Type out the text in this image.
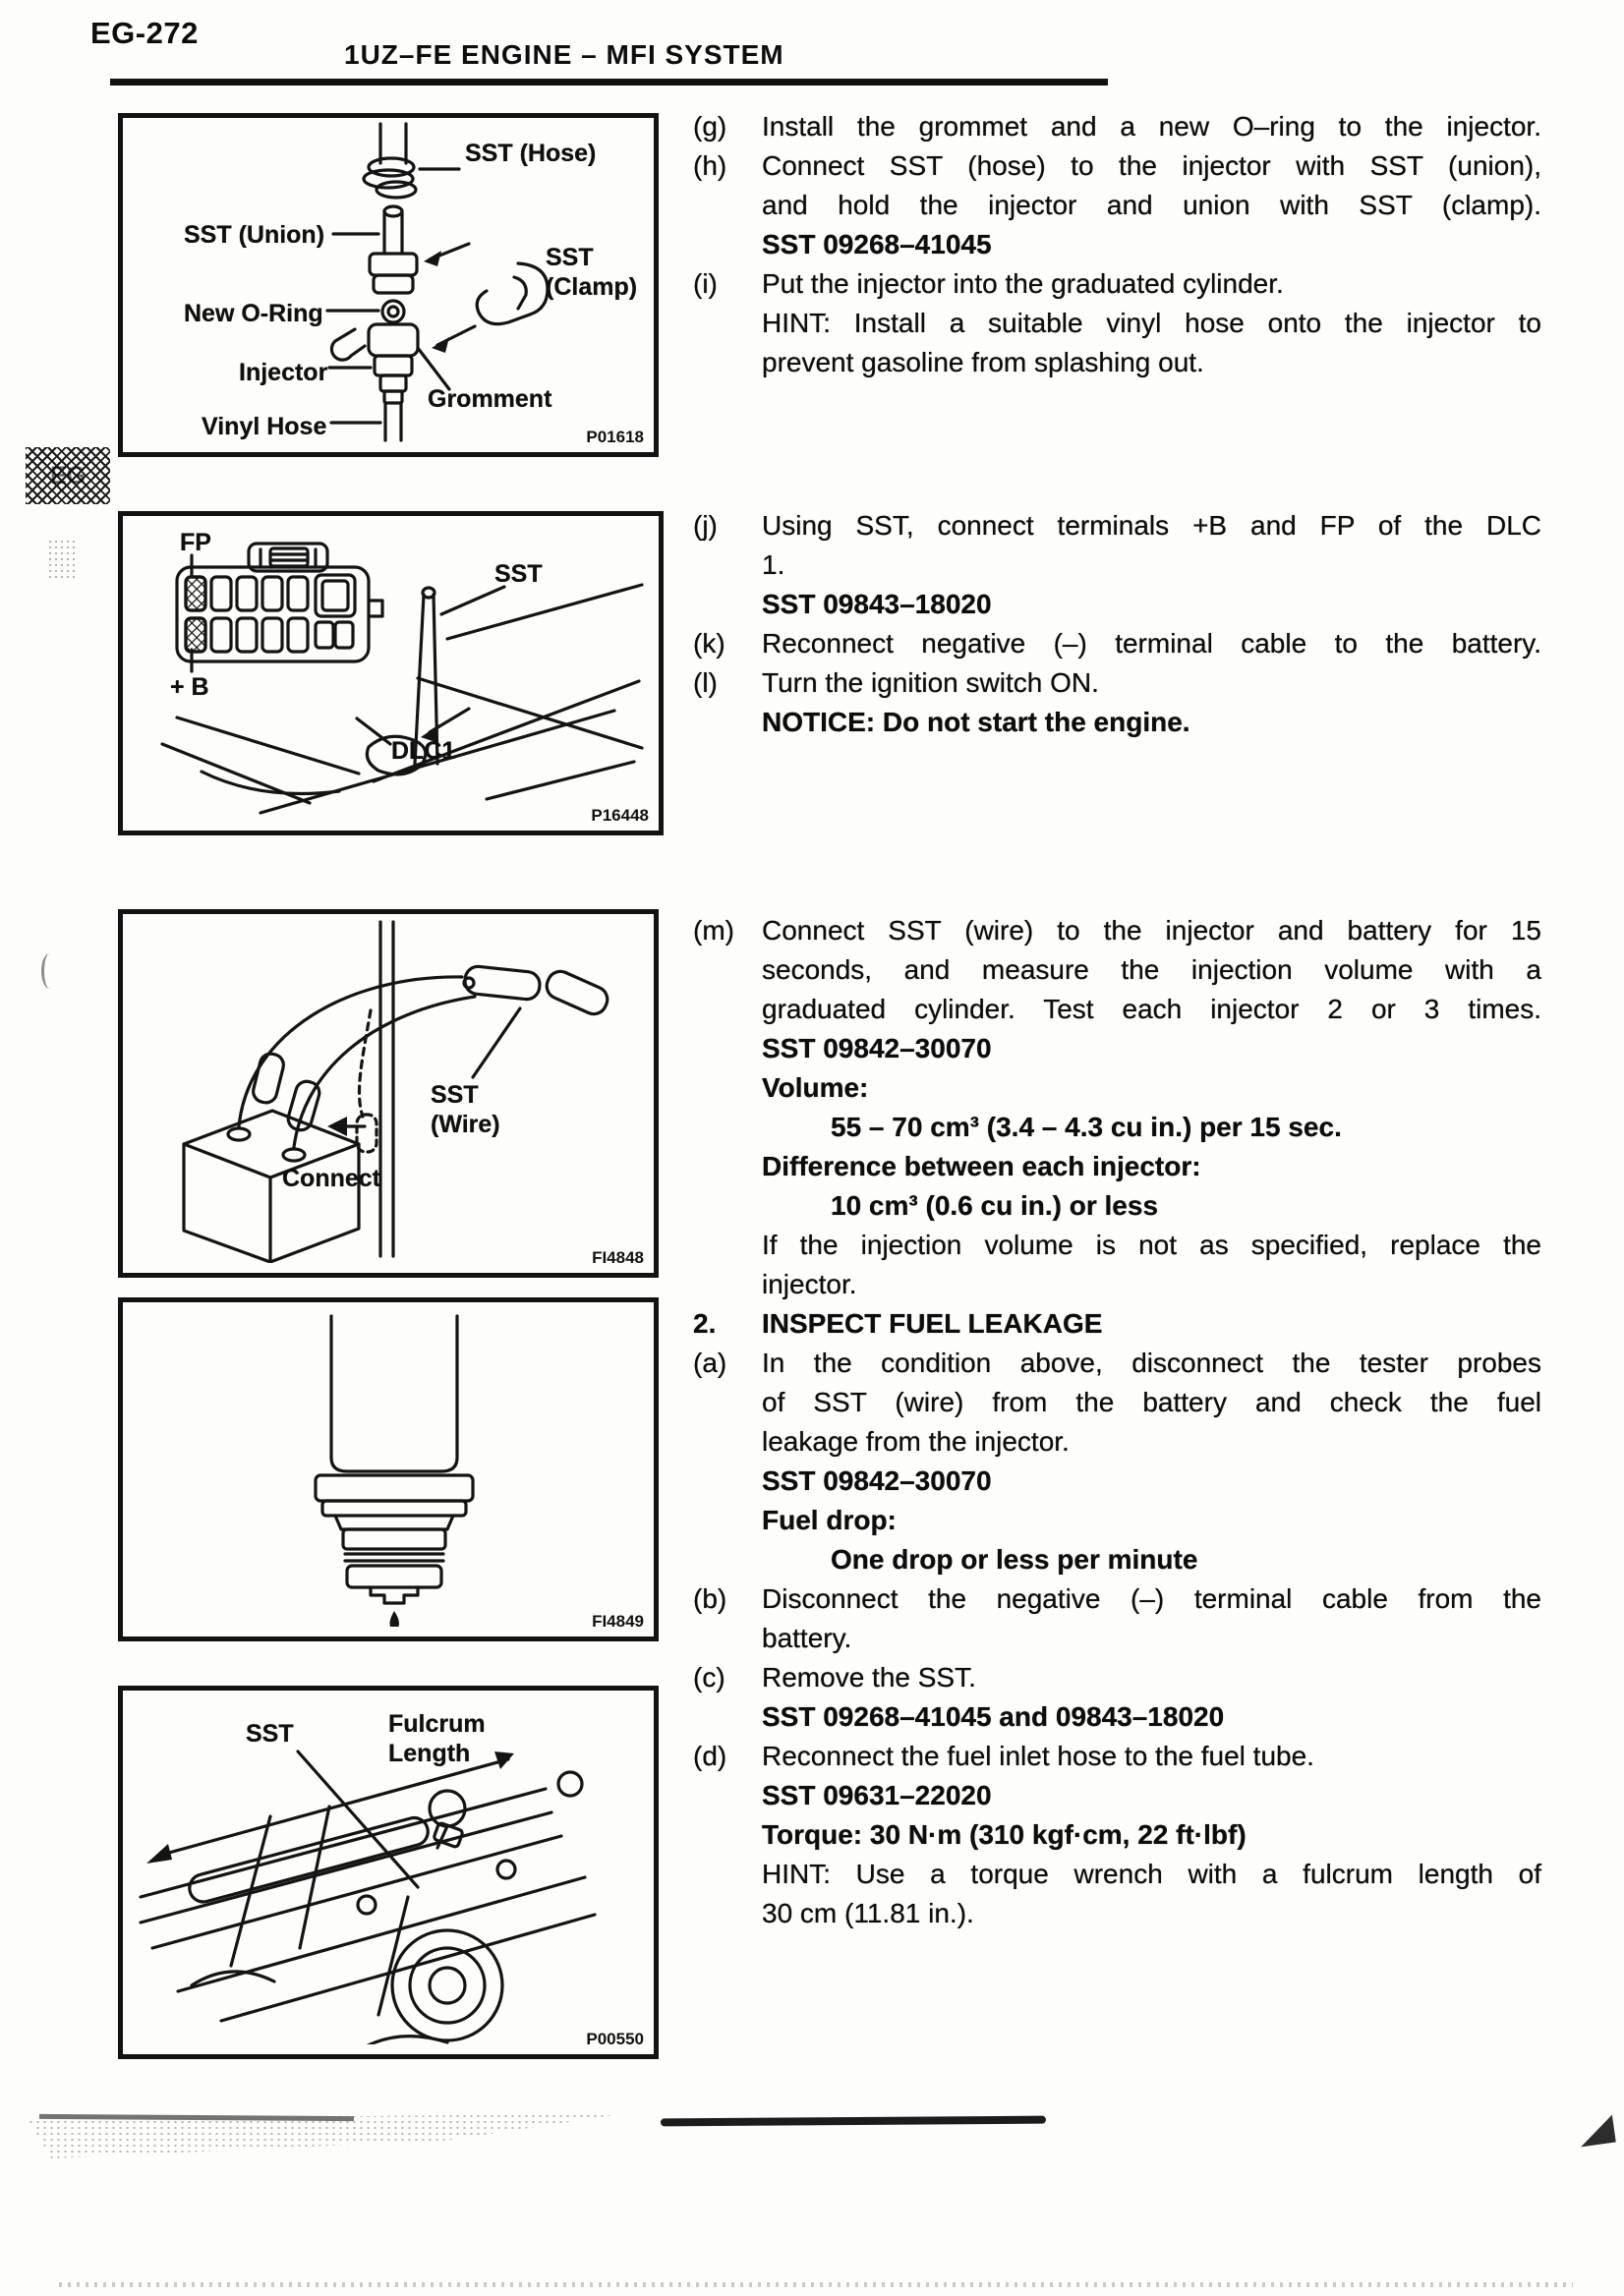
EG-272
1UZ–FE ENGINE – MFI SYSTEM
EG
SST (Hose)
SST (Union)
SST
(Clamp)
New O-Ring
Injector
Gromment
Vinyl Hose	P01618
FP
+ B
SST
DLC1
P16448
SST
(Wire)
Connect
FI4848
FI4849
SST	Fulcrum
Length
P00550
(g)	Install the grommet and a new O–ring to the injector.
(h)	Connect SST (hose) to the injector with SST (union),
and hold the injector and union with SST (clamp).
SST 09268–41045
(i)	Put the injector into the graduated cylinder.
HINT: Install a suitable vinyl hose onto the injector to
prevent gasoline from splashing out.
(j)	Using SST, connect terminals +B and FP of the DLC
1.
SST 09843–18020
(k)	Reconnect negative (–) terminal cable to the battery.
(l)	Turn the ignition switch ON.
NOTICE: Do not start the engine.
(m)	Connect SST (wire) to the injector and battery for 15
seconds, and measure the injection volume with a
graduated cylinder. Test each injector 2 or 3 times.
SST 09842–30070
Volume:
55 – 70 cm³ (3.4 – 4.3 cu in.) per 15 sec.
Difference between each injector:
10 cm³ (0.6 cu in.) or less
If the injection volume is not as specified, replace the
injector.
2.	INSPECT FUEL LEAKAGE
(a)	In the condition above, disconnect the tester probes
of SST (wire) from the battery and check the fuel
leakage from the injector.
SST 09842–30070
Fuel drop:
One drop or less per minute
(b)	Disconnect the negative (–) terminal cable from the
battery.
(c)	Remove the SST.
SST 09268–41045 and 09843–18020
(d)	Reconnect the fuel inlet hose to the fuel tube.
SST 09631–22020
Torque: 30 N·m (310 kgf·cm, 22 ft·lbf)
HINT: Use a torque wrench with a fulcrum length of
30 cm (11.81 in.).
